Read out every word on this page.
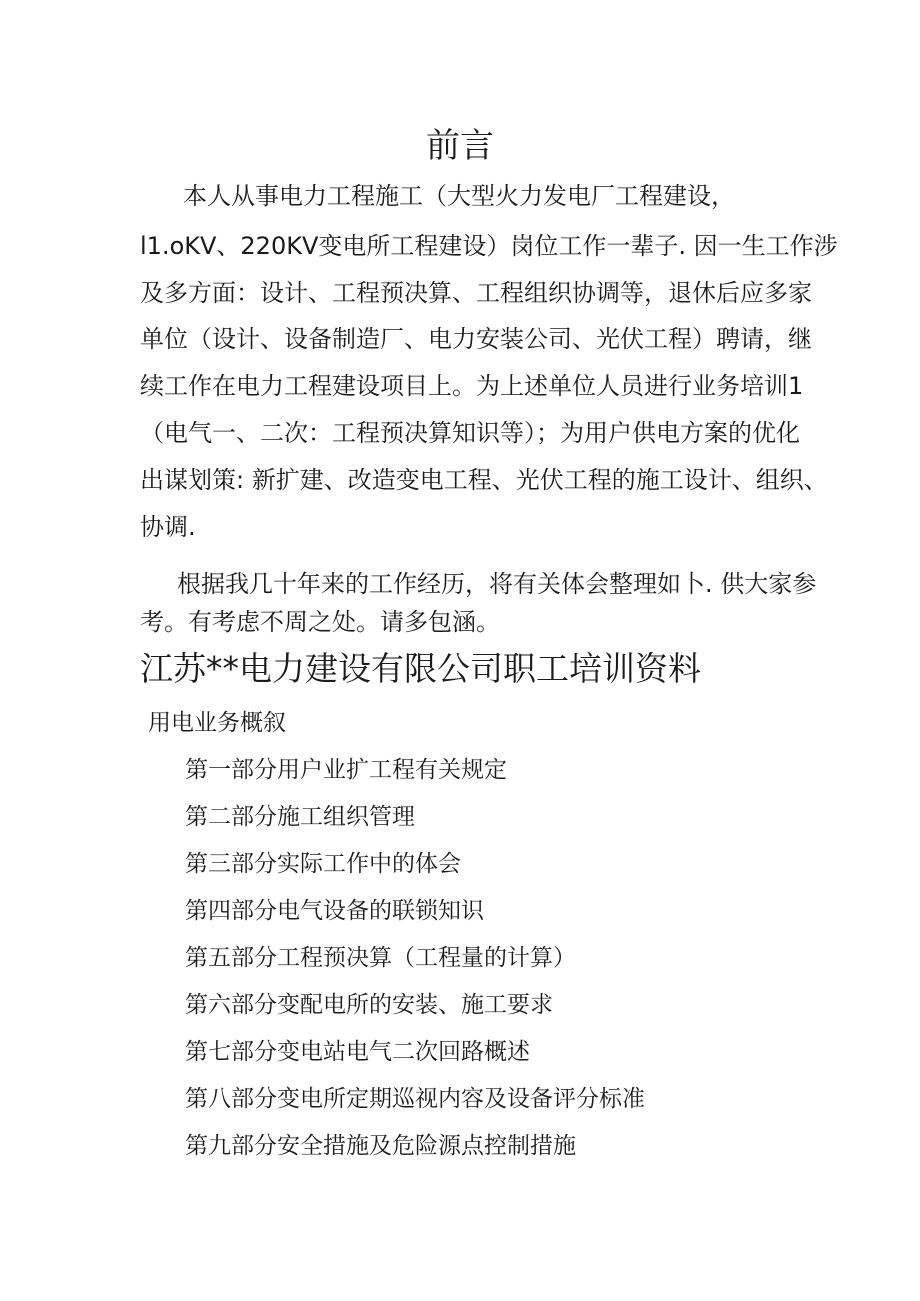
前言
本人从事电力工程施工（大型火力发电厂工程建设，
l1.oKV、220KV变电所工程建设）岗位工作一辈子. 因一生工作涉
及多方面：设计、工程预决算、工程组织协调等，退休后应多家
单位（设计、设备制造厂、电力安装公司、光伏工程）聘请，继
续工作在电力工程建设项目上。为上述单位人员进行业务培训1
（电气一、二次：工程预决算知识等）；为用户供电方案的优化
出谋划策: 新扩建、改造变电工程、光伏工程的施工设计、组织、
协调.
根据我几十年来的工作经历，将有关体会整理如卜. 供大家参
考。有考虑不周之处。请多包涵。
江苏**电力建设有限公司职工培训资料
用电业务概叙
第一部分用户业扩工程有关规定
第二部分施工组织管理
第三部分实际工作中的体会
第四部分电气设备的联锁知识
第五部分工程预决算（工程量的计算）
第六部分变配电所的安装、施工要求
第七部分变电站电气二次回路概述
第八部分变电所定期巡视内容及设备评分标准
第九部分安全措施及危险源点控制措施
